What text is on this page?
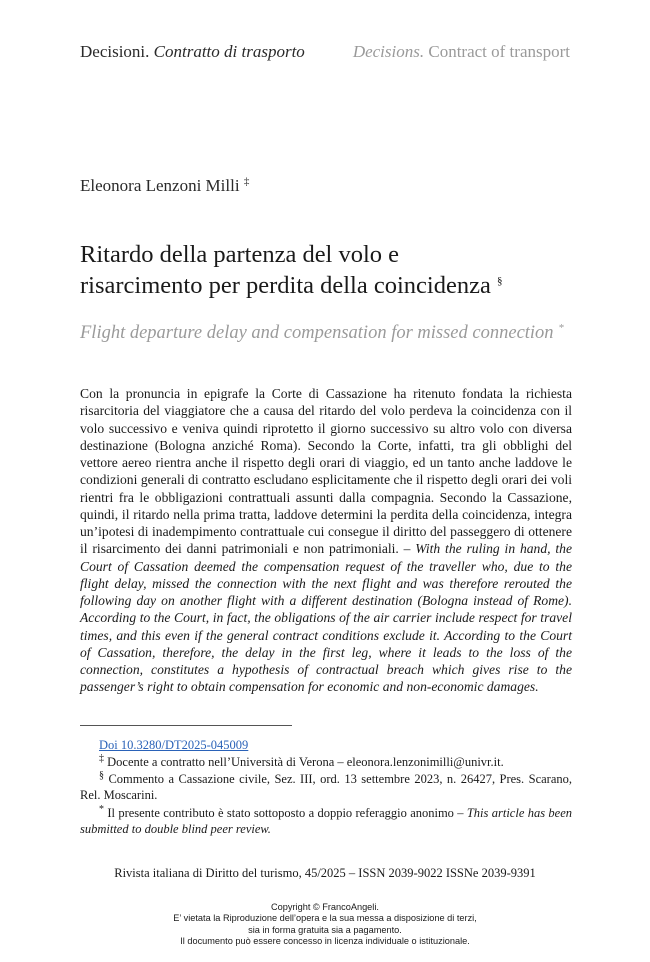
Decisioni. Contratto di trasporto	Decisions. Contract of transport
Eleonora Lenzoni Milli ‡
Ritardo della partenza del volo e
risarcimento per perdita della coincidenza §
Flight departure delay and compensation for missed connection *
Con la pronuncia in epigrafe la Corte di Cassazione ha ritenuto fondata la richiesta risarcitoria del viaggiatore che a causa del ritardo del volo perdeva la coincidenza con il volo successivo e veniva quindi riprotetto il giorno successivo su altro volo con diversa destinazione (Bologna anziché Roma). Secondo la Corte, infatti, tra gli obblighi del vettore aereo rientra anche il rispetto degli orari di viaggio, ed un tanto anche laddove le condizioni generali di contratto escludano esplicitamente che il rispetto degli orari dei voli rientri fra le obbligazioni contrattuali assunti dalla compagnia. Secondo la Cassazione, quindi, il ritardo nella prima tratta, laddove determini la perdita della coincidenza, integra un’ipotesi di inadempimento contrattuale cui consegue il diritto del passeggero di ottenere il risarcimento dei danni patrimoniali e non patrimoniali. – With the ruling in hand, the Court of Cassation deemed the compensation request of the traveller who, due to the flight delay, missed the connection with the next flight and was therefore rerouted the following day on another flight with a different destination (Bologna instead of Rome). According to the Court, in fact, the obligations of the air carrier include respect for travel times, and this even if the general contract conditions exclude it. According to the Court of Cassation, therefore, the delay in the first leg, where it leads to the loss of the connection, constitutes a hypothesis of contractual breach which gives rise to the passenger’s right to obtain compensation for economic and non-economic damages.
Doi 10.3280/DT2025-045009
‡ Docente a contratto nell’Università di Verona – eleonora.lenzonimilli@univr.it.
§ Commento a Cassazione civile, Sez. III, ord. 13 settembre 2023, n. 26427, Pres. Scarano, Rel. Moscarini.
* Il presente contributo è stato sottoposto a doppio referaggio anonimo – This article has been submitted to double blind peer review.
Rivista italiana di Diritto del turismo, 45/2025 – ISSN 2039-9022 ISSNe 2039-9391
Copyright © FrancoAngeli.
E’ vietata la Riproduzione dell’opera e la sua messa a disposizione di terzi,
sia in forma gratuita sia a pagamento.
Il documento può essere concesso in licenza individuale o istituzionale.
